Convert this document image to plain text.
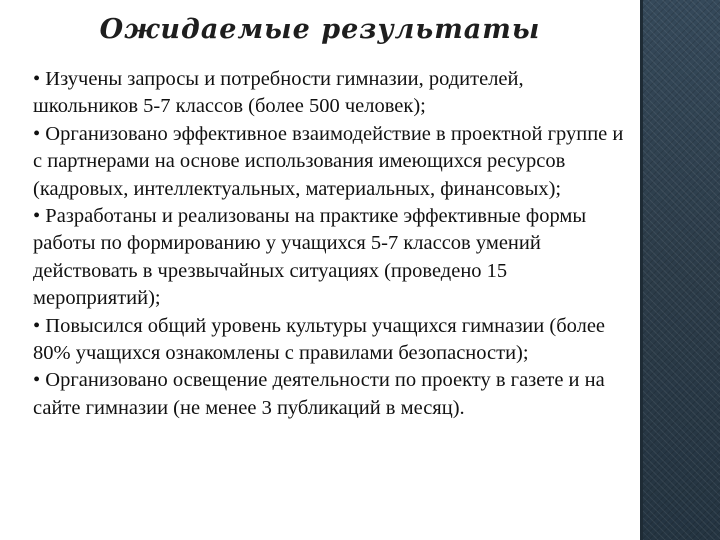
Ожидаемые результаты

• Изучены запросы и потребности гимназии, родителей, школьников 5-7 классов (более 500 человек);

• Организовано эффективное взаимодействие в проектной группе и с партнерами на основе использования имеющихся ресурсов (кадровых, интеллектуальных, материальных, финансовых);

• Разработаны и реализованы на практике эффективные формы работы по формированию у учащихся 5-7 классов умений действовать в чрезвычайных ситуациях (проведено 15 мероприятий);

• Повысился общий уровень культуры учащихся гимназии (более 80% учащихся ознакомлены с правилами безопасности);

• Организовано освещение деятельности по проекту в газете и на сайте гимназии (не менее 3 публикаций в месяц).
